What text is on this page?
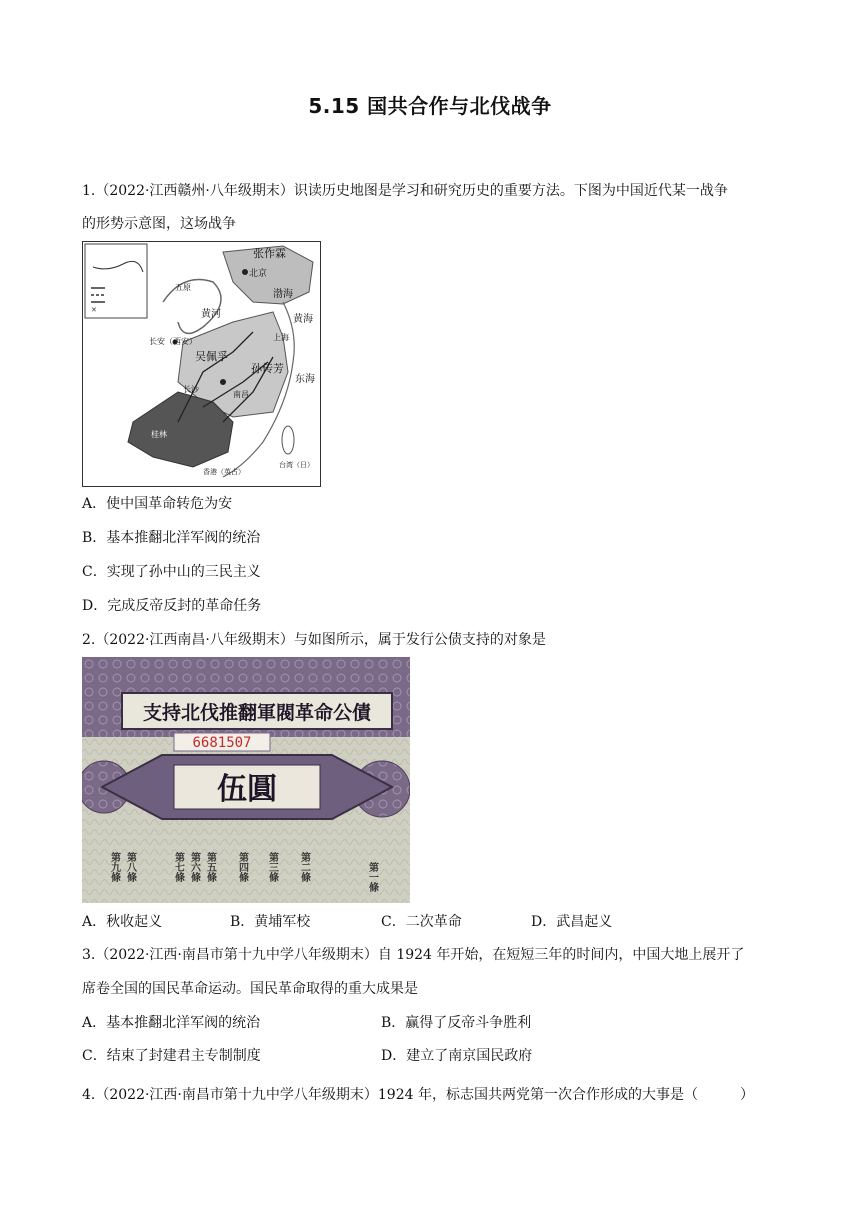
5.15 国共合作与北伐战争
1.（2022·江西赣州·八年级期末）识读历史地图是学习和研究历史的重要方法。下图为中国近代某一战争
的形势示意图，这场战争
✕
张作霖
北京
五原
渤海
黄河	黄海
长安（西安）
吴佩孚
孙传芳
上海
东海
长沙
南昌
台湾（日）
桂林
香港（英占）
A．使中国革命转危为安
B．基本推翻北洋军阀的统治
C．实现了孙中山的三民主义
D．完成反帝反封的革命任务
2.（2022·江西南昌·八年级期末）与如图所示，属于发行公债支持的对象是
支持北伐推翻軍閥革命公債
6681507
伍圓
第一條
第二條
第三條
第四條
第五條
第六條
第七條
第八條
第九條
A．秋收起义	B．黄埔军校	C．二次革命	D．武昌起义
3.（2022·江西·南昌市第十九中学八年级期末）自 1924 年开始，在短短三年的时间内，中国大地上展开了
席卷全国的国民革命运动。国民革命取得的重大成果是
A．基本推翻北洋军阀的统治	B．赢得了反帝斗争胜利
C．结束了封建君主专制制度	D．建立了南京国民政府
4.（2022·江西·南昌市第十九中学八年级期末）1924 年，标志国共两党第一次合作形成的大事是（　　　）
